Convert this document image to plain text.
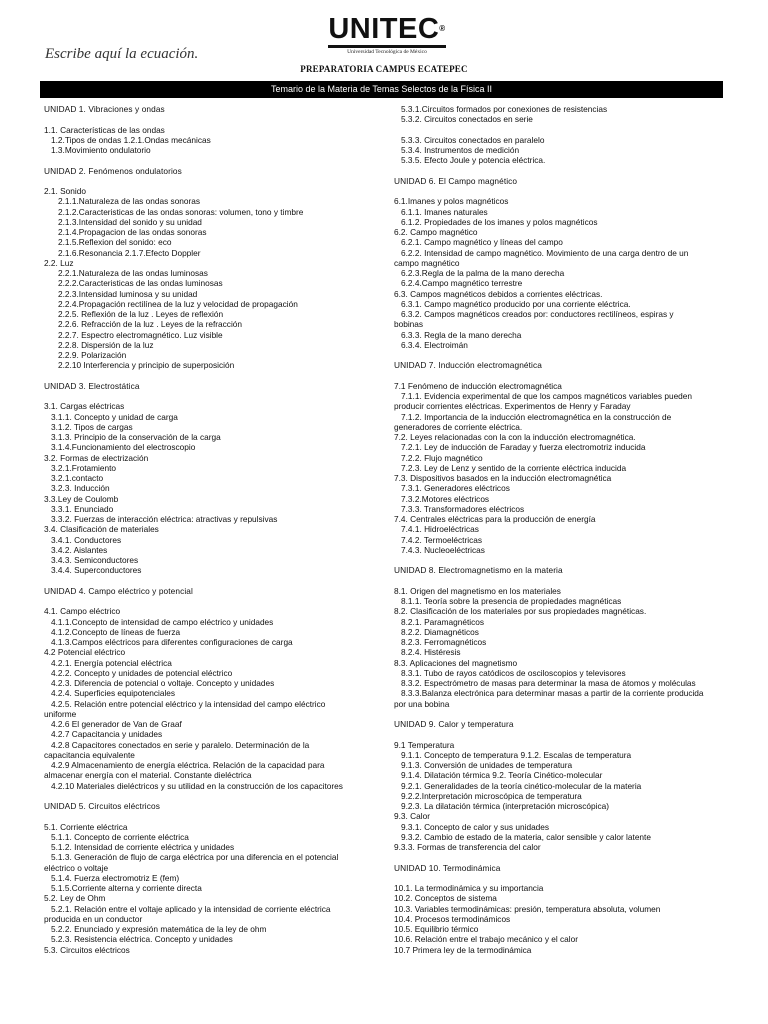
Escribe aquí la ecuación.
UNITEC®
Universidad Tecnológica de México
PREPARATORIA CAMPUS ECATEPEC
Temario de la Materia de Temas Selectos de la Física II
UNIDAD 1. Vibraciones y ondas
1.1. Características de las ondas
1.2.Tipos de ondas 1.2.1.Ondas mecánicas
1.3.Movimiento ondulatorio
UNIDAD 2. Fenómenos ondulatorios
2.1. Sonido
2.1.1.Naturaleza de las ondas sonoras
2.1.2.Caracteristicas de las ondas sonoras: volumen, tono y timbre
2.1.3.Intensidad del sonido y su unidad
2.1.4.Propagacion de las ondas sonoras
2.1.5.Reflexion del sonido: eco
2.1.6.Resonancia 2.1.7.Efecto Doppler
2.2. Luz
2.2.1.Naturaleza de las ondas luminosas
2.2.2.Caracteristicas de las ondas luminosas
2.2.3.Intensidad luminosa y su unidad
2.2.4.Propagación rectilínea de la luz y velocidad de propagación
2.2.5. Reflexión de la luz . Leyes de reflexión
2.2.6. Refracción de la luz . Leyes de la refracción
2.2.7. Espectro electromagnético. Luz visible
2.2.8. Dispersión de la luz
2.2.9. Polarización
2.2.10 Interferencia y principio de superposición
UNIDAD 3. Electrostática
3.1. Cargas eléctricas
3.1.1. Concepto y unidad de carga
3.1.2. Tipos de cargas
3.1.3. Principio de la conservación de la carga
3.1.4.Funcionamiento del electroscopio
3.2. Formas de electrización
3.2.1.Frotamiento
3.2.1.contacto
3.2.3. Inducción
3.3.Ley de Coulomb
3.3.1. Enunciado
3.3.2. Fuerzas de interacción eléctrica: atractivas y repulsivas
3.4. Clasificación de materiales
3.4.1. Conductores
3.4.2. Aislantes
3.4.3. Semiconductores
3.4.4. Superconductores
UNIDAD 4. Campo eléctrico y potencial
4.1. Campo eléctrico
4.1.1.Concepto de intensidad de campo eléctrico y unidades
4.1.2.Concepto de líneas de fuerza
4.1.3.Campos eléctricos para diferentes configuraciones de carga
4.2 Potencial eléctrico
4.2.1. Energía potencial eléctrica
4.2.2. Concepto y unidades de potencial eléctrico
4.2.3. Diferencia de potencial o voltaje. Concepto y unidades
4.2.4. Superficies equipotenciales
4.2.5. Relación entre potencial eléctrico y la intensidad del campo eléctrico
uniforme
4.2.6 El generador de Van de Graaf
4.2.7 Capacitancia y unidades
4.2.8 Capacitores conectados en serie y paralelo. Determinación de la
capacitancia equivalente
4.2.9 Almacenamiento de energía eléctrica. Relación de la capacidad para
almacenar energía con el material. Constante dieléctrica
4.2.10 Materiales dieléctricos y su utilidad en la construcción de los capacitores
UNIDAD 5. Circuitos eléctricos
5.1. Corriente eléctrica
5.1.1. Concepto de corriente eléctrica
5.1.2. Intensidad de corriente eléctrica y unidades
5.1.3. Generación de flujo de carga eléctrica por una diferencia en el potencial
eléctrico o voltaje
5.1.4. Fuerza electromotriz E (fem)
5.1.5.Corriente alterna y corriente directa
5.2. Ley de Ohm
5.2.1. Relación entre el voltaje aplicado y la intensidad de corriente eléctrica
producida en un conductor
5.2.2. Enunciado y expresión matemática de la ley de ohm
5.2.3. Resistencia eléctrica. Concepto y unidades
5.3. Circuitos eléctricos
5.3.1.Circuitos formados por conexiones de resistencias
5.3.2. Circuitos conectados en serie
5.3.3. Circuitos conectados en paralelo
5.3.4. Instrumentos de medición
5.3.5. Efecto Joule y potencia eléctrica.
UNIDAD 6. El Campo magnético
6.1.Imanes y polos magnéticos
6.1.1. Imanes naturales
6.1.2. Propiedades de los imanes y polos magnéticos
6.2. Campo magnético
6.2.1. Campo magnético y líneas del campo
6.2.2. Intensidad de campo magnético. Movimiento de una carga dentro de un
campo magnético
6.2.3.Regla de la palma de la mano derecha
6.2.4.Campo magnético terrestre
6.3. Campos magnéticos debidos a corrientes eléctricas.
6.3.1. Campo magnético producido por una corriente eléctrica.
6.3.2. Campos magnéticos creados por: conductores rectilíneos, espiras y
bobinas
6.3.3. Regla de la mano derecha
6.3.4. Electroimán
UNIDAD 7. Inducción electromagnética
7.1 Fenómeno de inducción electromagnética
7.1.1. Evidencia experimental de que los campos magnéticos variables pueden
producir corrientes eléctricas. Experimentos de Henry y Faraday
7.1.2. Importancia de la inducción electromagnética en la construcción de
generadores de corriente eléctrica.
7.2. Leyes relacionadas con la con la inducción electromagnética.
7.2.1. Ley de inducción de Faraday y fuerza electromotriz inducida
7.2.2. Flujo magnético
7.2.3. Ley de Lenz y sentido de la corriente eléctrica inducida
7.3. Dispositivos basados en la inducción electromagnética
7.3.1. Generadores eléctricos
7.3.2.Motores eléctricos
7.3.3. Transformadores eléctricos
7.4. Centrales eléctricas para la producción de energía
7.4.1. Hidroeléctricas
7.4.2. Termoeléctricas
7.4.3. Nucleoeléctricas
UNIDAD 8. Electromagnetismo en la materia
8.1. Origen del magnetismo en los materiales
8.1.1. Teoría sobre la presencia de propiedades magnéticas
8.2. Clasificación de los materiales por sus propiedades magnéticas.
8.2.1. Paramagnéticos
8.2.2. Diamagnéticos
8.2.3. Ferromagnéticos
8.2.4. Histéresis
8.3. Aplicaciones del magnetismo
8.3.1. Tubo de rayos catódicos de osciloscopios y televisores
8.3.2. Espectrómetro de masas para determinar la masa de átomos y moléculas
8.3.3.Balanza electrónica para determinar masas a partir de la corriente producida
por una bobina
UNIDAD 9. Calor y temperatura
9.1 Temperatura
9.1.1. Concepto de temperatura 9.1.2. Escalas de temperatura
9.1.3. Conversión de unidades de temperatura
9.1.4. Dilatación térmica 9.2. Teoría Cinético-molecular
9.2.1. Generalidades de la teoría cinético-molecular de la materia
9.2.2.Interpretación microscópica de temperatura
9.2.3. La dilatación térmica (interpretación microscópica)
9.3. Calor
9.3.1. Concepto de calor y sus unidades
9.3.2. Cambio de estado de la materia, calor sensible y calor latente
9.3.3. Formas de transferencia del calor
UNIDAD 10. Termodinámica
10.1. La termodinámica y su importancia
10.2. Conceptos de sistema
10.3. Variables termodinámicas: presión, temperatura absoluta, volumen
10.4. Procesos termodinámicos
10.5. Equilibrio térmico
10.6. Relación entre el trabajo mecánico y el calor
10.7 Primera ley de la termodinámica
